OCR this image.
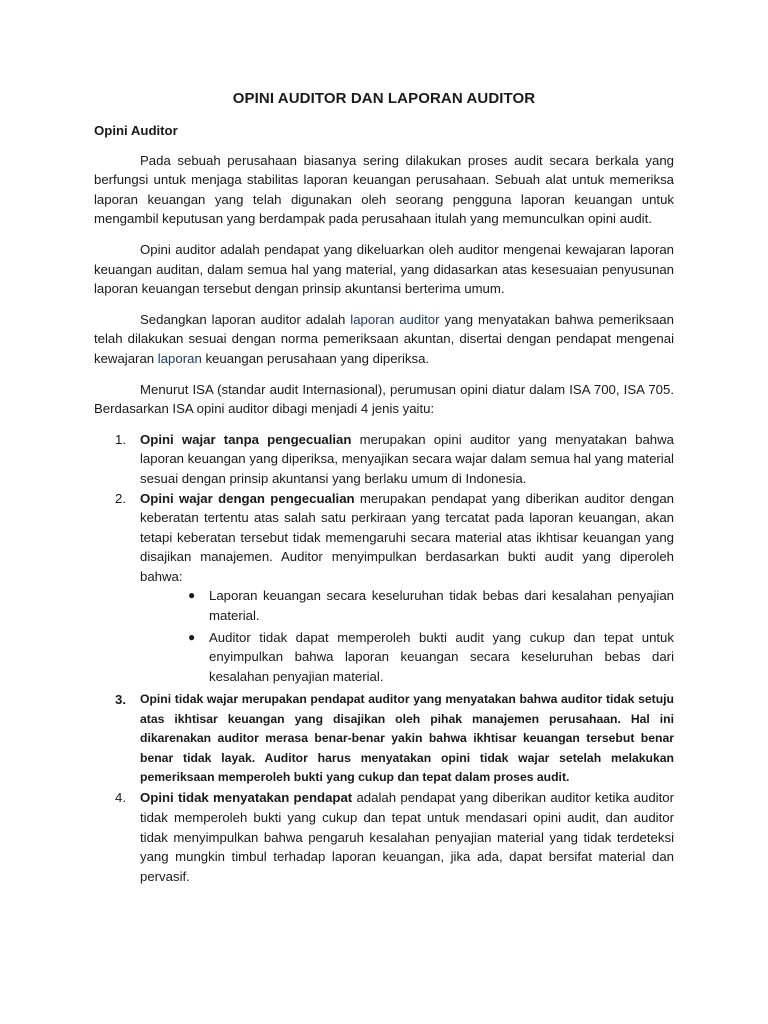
OPINI AUDITOR DAN LAPORAN AUDITOR

Opini Auditor

Pada sebuah perusahaan biasanya sering dilakukan proses audit secara berkala yang berfungsi untuk menjaga stabilitas laporan keuangan perusahaan. Sebuah alat untuk memeriksa laporan keuangan yang telah digunakan oleh seorang pengguna laporan keuangan untuk mengambil keputusan yang berdampak pada perusahaan itulah yang memunculkan opini audit.

Opini auditor adalah pendapat yang dikeluarkan oleh auditor mengenai kewajaran laporan keuangan auditan, dalam semua hal yang material, yang didasarkan atas kesesuaian penyusunan laporan keuangan tersebut dengan prinsip akuntansi berterima umum.

Sedangkan laporan auditor adalah laporan auditor yang menyatakan bahwa pemeriksaan telah dilakukan sesuai dengan norma pemeriksaan akuntan, disertai dengan pendapat mengenai kewajaran laporan keuangan perusahaan yang diperiksa.

Menurut ISA (standar audit Internasional), perumusan opini diatur dalam ISA 700, ISA 705. Berdasarkan ISA opini auditor dibagi menjadi 4 jenis yaitu:

1. Opini wajar tanpa pengecualian merupakan opini auditor yang menyatakan bahwa laporan keuangan yang diperiksa, menyajikan secara wajar dalam semua hal yang material sesuai dengan prinsip akuntansi yang berlaku umum di Indonesia.

2. Opini wajar dengan pengecualian merupakan pendapat yang diberikan auditor dengan keberatan tertentu atas salah satu perkiraan yang tercatat pada laporan keuangan, akan tetapi keberatan tersebut tidak memengaruhi secara material atas ikhtisar keuangan yang disajikan manajemen. Auditor menyimpulkan berdasarkan bukti audit yang diperoleh bahwa:

● Laporan keuangan secara keseluruhan tidak bebas dari kesalahan penyajian material.
● Auditor tidak dapat memperoleh bukti audit yang cukup dan tepat untuk enyimpulkan bahwa laporan keuangan secara keseluruhan bebas dari kesalahan penyajian material.
3. Opini tidak wajar merupakan pendapat auditor yang menyatakan bahwa auditor tidak setuju atas ikhtisar keuangan yang disajikan oleh pihak manajemen perusahaan. Hal ini dikarenakan auditor merasa benar-benar yakin bahwa ikhtisar keuangan tersebut benar benar tidak layak. Auditor harus menyatakan opini tidak wajar setelah melakukan pemeriksaan memperoleh bukti yang cukup dan tepat dalam proses audit.

4. Opini tidak menyatakan pendapat adalah pendapat yang diberikan auditor ketika auditor tidak memperoleh bukti yang cukup dan tepat untuk mendasari opini audit, dan auditor tidak menyimpulkan bahwa pengaruh kesalahan penyajian material yang tidak terdeteksi yang mungkin timbul terhadap laporan keuangan, jika ada, dapat bersifat material dan pervasif.
